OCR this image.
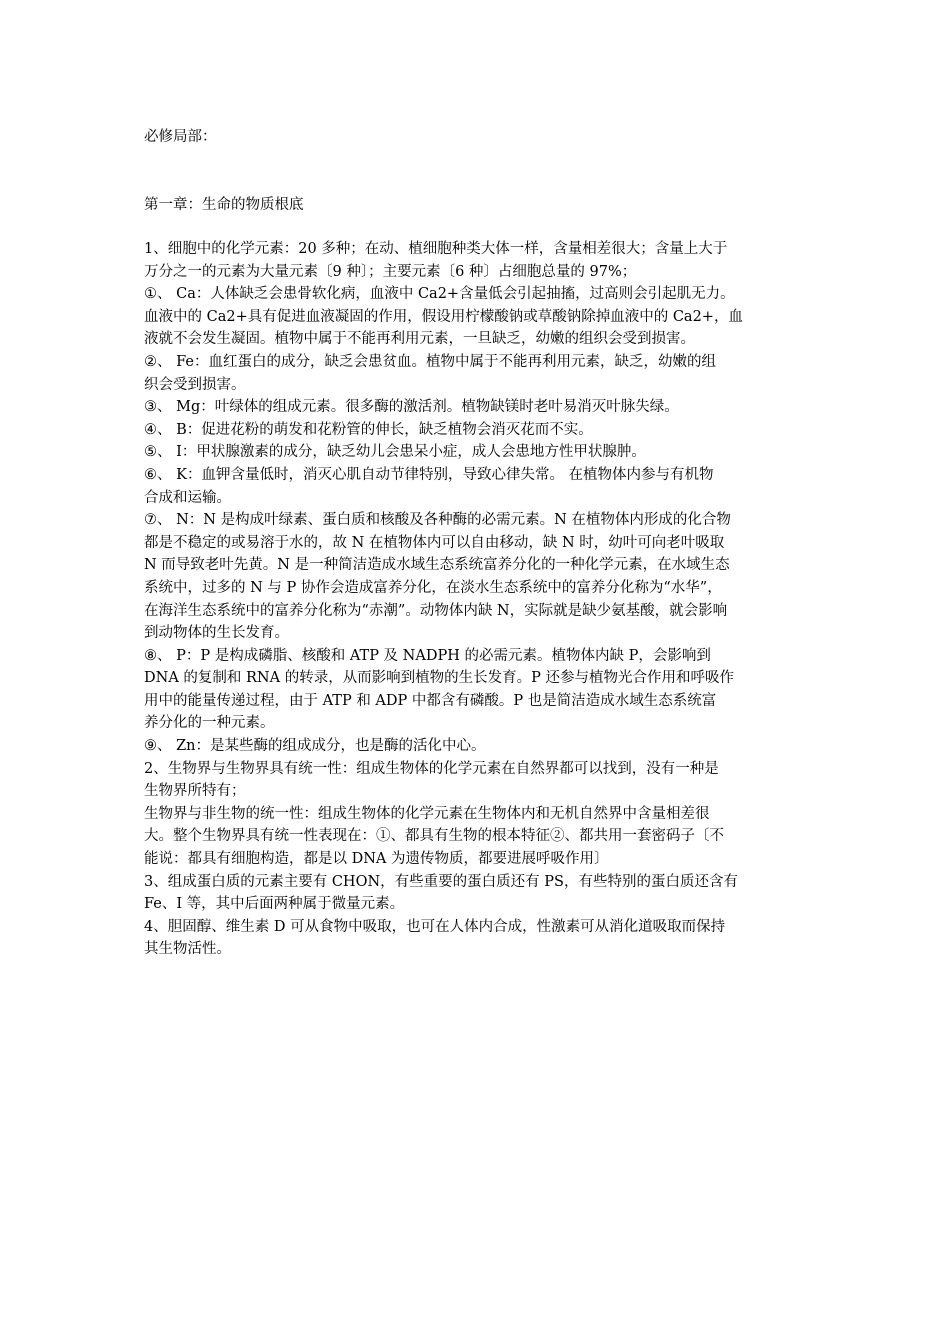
必修局部：
第一章：生命的物质根底
1、细胞中的化学元素：20 多种；在动、植细胞种类大体一样，含量相差很大；含量上大于
万分之一的元素为大量元素〔9 种〕；主要元素〔6 种〕占细胞总量的 97%；
①、 Ca：人体缺乏会患骨软化病，血液中 Ca2+含量低会引起抽搐，过高则会引起肌无力。
血液中的 Ca2+具有促进血液凝固的作用，假设用柠檬酸钠或草酸钠除掉血液中的 Ca2+，血
液就不会发生凝固。植物中属于不能再利用元素，一旦缺乏，幼嫩的组织会受到损害。
②、 Fe：血红蛋白的成分，缺乏会患贫血。植物中属于不能再利用元素，缺乏，幼嫩的组
织会受到损害。
③、 Mg：叶绿体的组成元素。很多酶的激活剂。植物缺镁时老叶易消灭叶脉失绿。
④、 B：促进花粉的萌发和花粉管的伸长，缺乏植物会消灭花而不实。
⑤、 I：甲状腺激素的成分，缺乏幼儿会患呆小症，成人会患地方性甲状腺肿。
⑥、 K：血钾含量低时，消灭心肌自动节律特别，导致心律失常。 在植物体内参与有机物
合成和运输。
⑦、 N：N 是构成叶绿素、蛋白质和核酸及各种酶的必需元素。N 在植物体内形成的化合物
都是不稳定的或易溶于水的，故 N 在植物体内可以自由移动，缺 N 时，幼叶可向老叶吸取
N 而导致老叶先黄。N 是一种简洁造成水域生态系统富养分化的一种化学元素，在水域生态
系统中，过多的 N 与 P 协作会造成富养分化，在淡水生态系统中的富养分化称为“水华”，
在海洋生态系统中的富养分化称为“赤潮”。动物体内缺 N，实际就是缺少氨基酸，就会影响
到动物体的生长发育。
⑧、 P：P 是构成磷脂、核酸和 ATP 及 NADPH 的必需元素。植物体内缺 P，会影响到
DNA 的复制和 RNA 的转录，从而影响到植物的生长发育。P 还参与植物光合作用和呼吸作
用中的能量传递过程，由于 ATP 和 ADP 中都含有磷酸。P 也是简洁造成水域生态系统富
养分化的一种元素。
⑨、 Zn：是某些酶的组成成分，也是酶的活化中心。
2、生物界与生物界具有统一性：组成生物体的化学元素在自然界都可以找到，没有一种是
生物界所特有；
生物界与非生物的统一性：组成生物体的化学元素在生物体内和无机自然界中含量相差很
大。整个生物界具有统一性表现在：①、都具有生物的根本特征②、都共用一套密码子〔不
能说：都具有细胞构造，都是以 DNA 为遗传物质，都要进展呼吸作用〕
3、组成蛋白质的元素主要有 CHON，有些重要的蛋白质还有 PS，有些特别的蛋白质还含有
Fe、I 等，其中后面两种属于微量元素。
4、胆固醇、维生素 D 可从食物中吸取，也可在人体内合成，性激素可从消化道吸取而保持
其生物活性。
